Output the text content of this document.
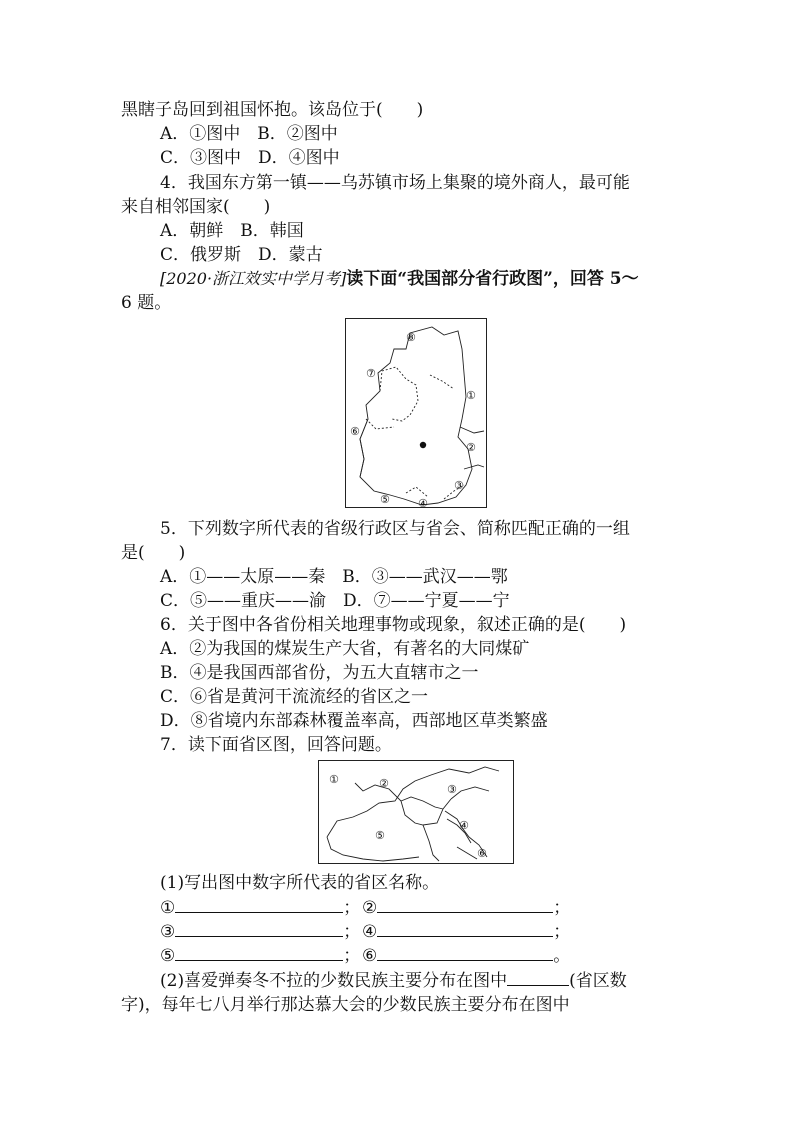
黑瞎子岛回到祖国怀抱。该岛位于(　　)
A．①图中　B．②图中
C．③图中　D．④图中
4．我国东方第一镇——乌苏镇市场上集聚的境外商人，最可能
来自相邻国家(　　)
A．朝鲜　B．韩国
C．俄罗斯　D．蒙古
[2020·浙江效实中学月考]读下面“我国部分省行政图”，回答 5～
6 题。
⑧
⑦
①
⑥
②
③
⑤	④
5．下列数字所代表的省级行政区与省会、简称匹配正确的一组
是(　　)
A．①——太原——秦　B．③——武汉——鄂
C．⑤——重庆——渝　D．⑦——宁夏——宁
6．关于图中各省份相关地理事物或现象，叙述正确的是(　　)
A．②为我国的煤炭生产大省，有著名的大同煤矿
B．④是我国西部省份，为五大直辖市之一
C．⑥省是黄河干流流经的省区之一
D．⑧省境内东部森林覆盖率高，西部地区草类繁盛
7．读下面省区图，回答问题。
①	②	③
④
⑤
⑥
(1)写出图中数字所代表的省区名称。
①	； ②	；
③	； ④	；
⑤	； ⑥	。
(2)喜爱弹奏冬不拉的少数民族主要分布在图中	(省区数
字)，每年七八月举行那达慕大会的少数民族主要分布在图中
